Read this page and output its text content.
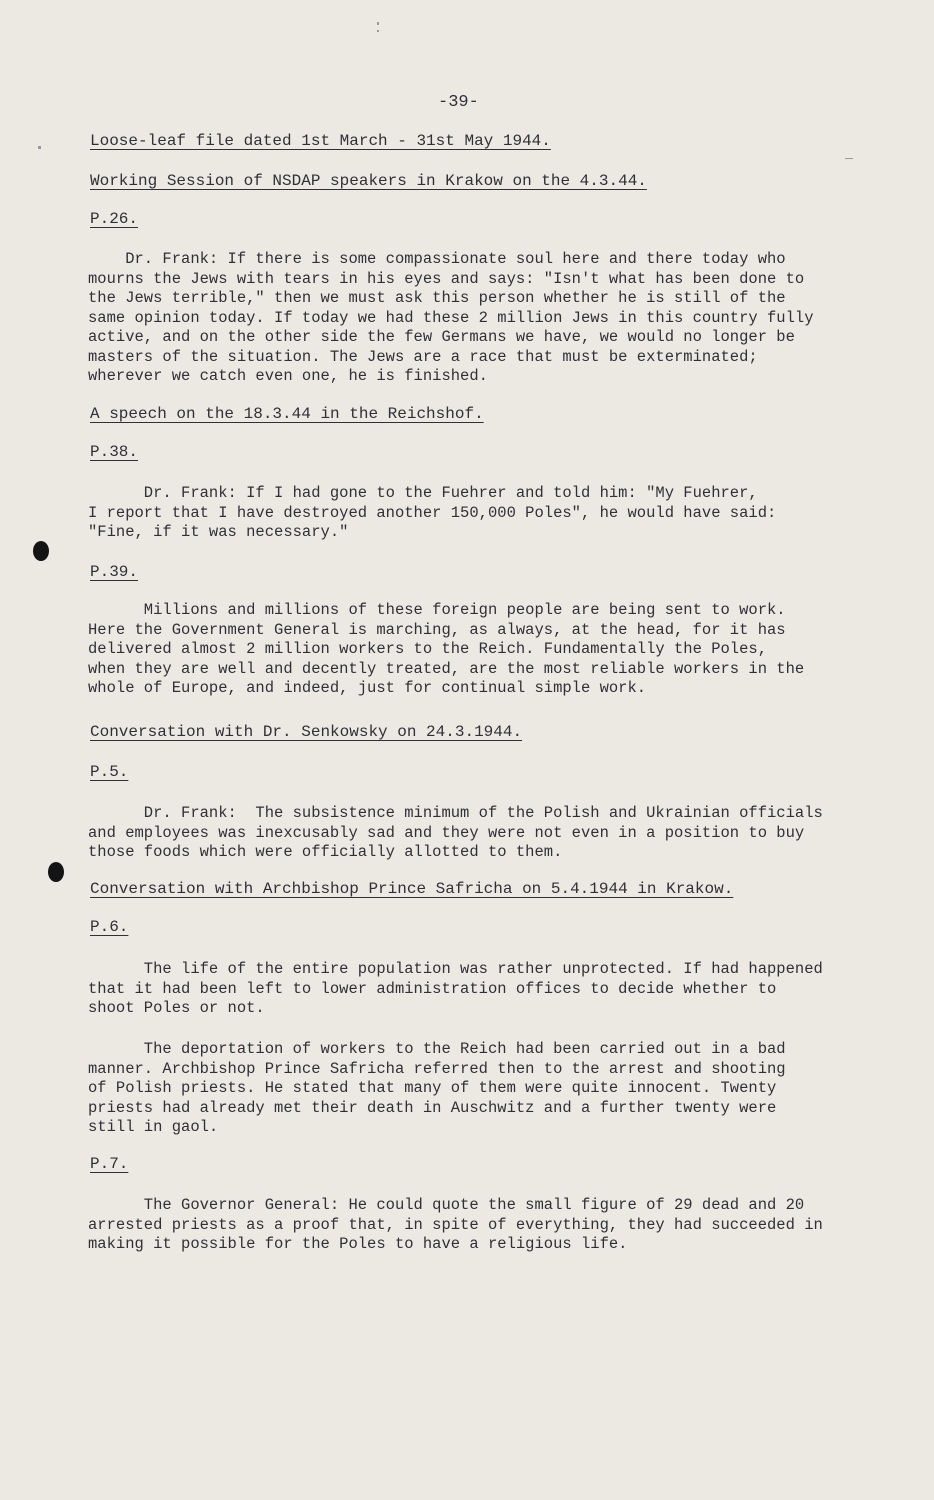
-39-
Loose-leaf file dated 1st March - 31st May 1944.
Working Session of NSDAP speakers in Krakow on the 4.3.44.
P.26.
Dr. Frank: If there is some compassionate soul here and there today who
mourns the Jews with tears in his eyes and says: "Isn't what has been done to
the Jews terrible," then we must ask this person whether he is still of the
same opinion today. If today we had these 2 million Jews in this country fully
active, and on the other side the few Germans we have, we would no longer be
masters of the situation. The Jews are a race that must be exterminated;
wherever we catch even one, he is finished.
A speech on the 18.3.44 in the Reichshof.
P.38.
Dr. Frank: If I had gone to the Fuehrer and told him: "My Fuehrer,
I report that I have destroyed another 150,000 Poles", he would have said:
"Fine, if it was necessary."
P.39.
Millions and millions of these foreign people are being sent to work.
Here the Government General is marching, as always, at the head, for it has
delivered almost 2 million workers to the Reich. Fundamentally the Poles,
when they are well and decently treated, are the most reliable workers in the
whole of Europe, and indeed, just for continual simple work.
Conversation with Dr. Senkowsky on 24.3.1944.
P.5.
Dr. Frank:  The subsistence minimum of the Polish and Ukrainian officials
and employees was inexcusably sad and they were not even in a position to buy
those foods which were officially allotted to them.
Conversation with Archbishop Prince Safricha on 5.4.1944 in Krakow.
P.6.
The life of the entire population was rather unprotected. If had happened
that it had been left to lower administration offices to decide whether to
shoot Poles or not.
The deportation of workers to the Reich had been carried out in a bad
manner. Archbishop Prince Safricha referred then to the arrest and shooting
of Polish priests. He stated that many of them were quite innocent. Twenty
priests had already met their death in Auschwitz and a further twenty were
still in gaol.
P.7.
The Governor General: He could quote the small figure of 29 dead and 20
arrested priests as a proof that, in spite of everything, they had succeeded in
making it possible for the Poles to have a religious life.
